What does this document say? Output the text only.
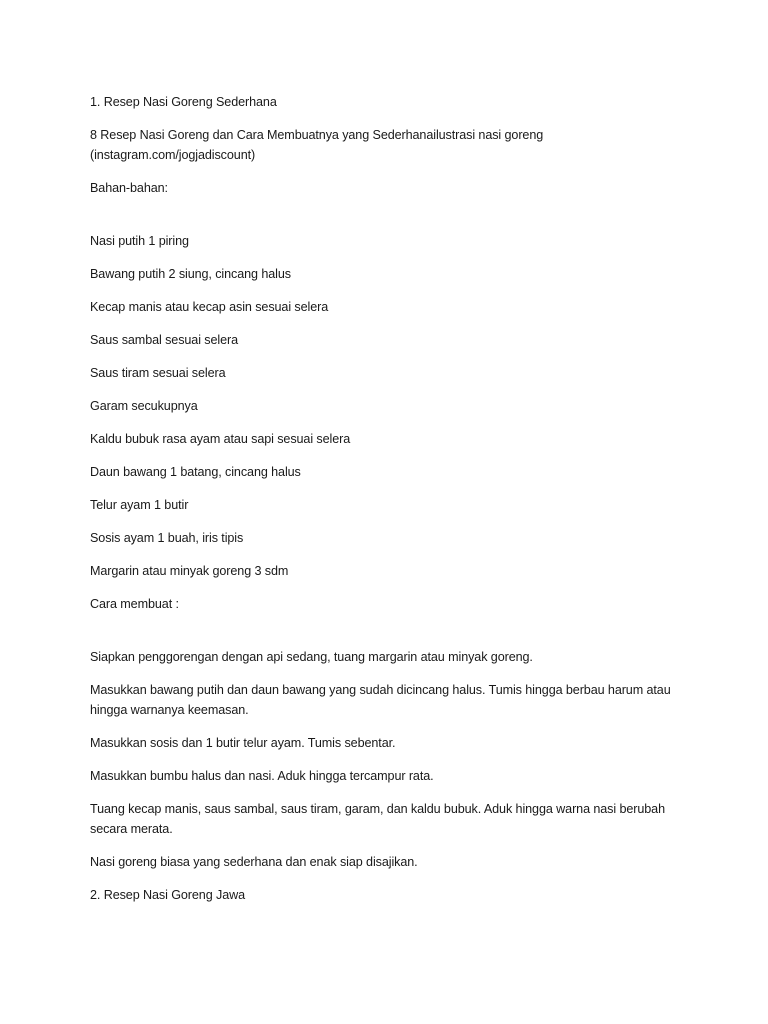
1. Resep Nasi Goreng Sederhana

8 Resep Nasi Goreng dan Cara Membuatnya yang Sederhanailustrasi nasi goreng (instagram.com/jogjadiscount)

Bahan-bahan:

Nasi putih 1 piring

Bawang putih 2 siung, cincang halus

Kecap manis atau kecap asin sesuai selera

Saus sambal sesuai selera

Saus tiram sesuai selera

Garam secukupnya

Kaldu bubuk rasa ayam atau sapi sesuai selera

Daun bawang 1 batang, cincang halus

Telur ayam 1 butir

Sosis ayam 1 buah, iris tipis

Margarin atau minyak goreng 3 sdm

Cara membuat :

Siapkan penggorengan dengan api sedang, tuang margarin atau minyak goreng.

Masukkan bawang putih dan daun bawang yang sudah dicincang halus. Tumis hingga berbau harum atau hingga warnanya keemasan.

Masukkan sosis dan 1 butir telur ayam. Tumis sebentar.

Masukkan bumbu halus dan nasi. Aduk hingga tercampur rata.

Tuang kecap manis, saus sambal, saus tiram, garam, dan kaldu bubuk. Aduk hingga warna nasi berubah secara merata.

Nasi goreng biasa yang sederhana dan enak siap disajikan.

2. Resep Nasi Goreng Jawa
